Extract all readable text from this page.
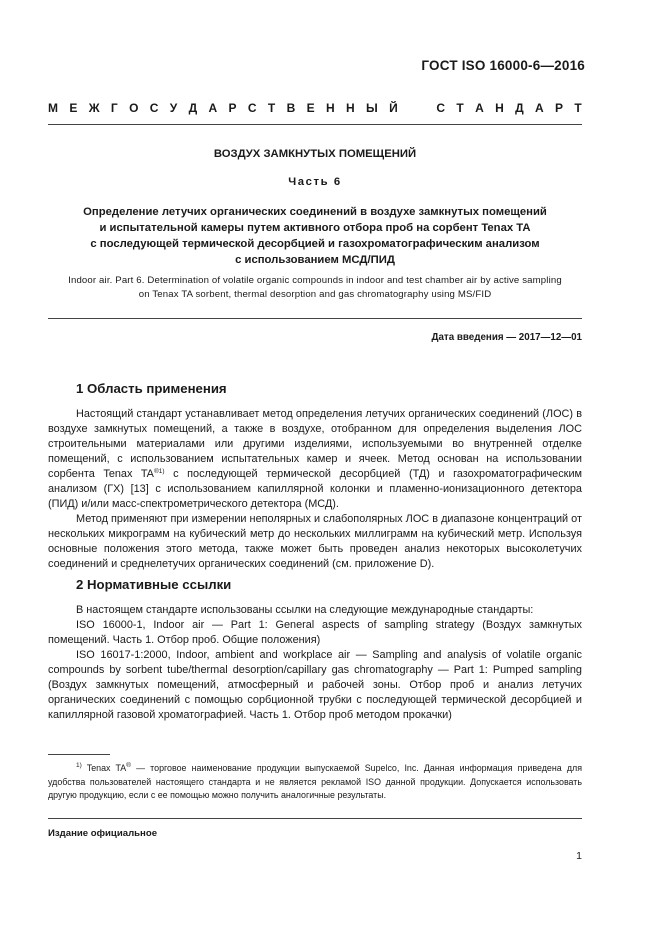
ГОСТ ISO 16000-6—2016
М Е Ж Г О С У Д А Р С Т В Е Н Н Ы Й	С Т А Н Д А Р Т
ВОЗДУХ ЗАМКНУТЫХ ПОМЕЩЕНИЙ
Часть 6
Определение летучих органических соединений в воздухе замкнутых помещений
и испытательной камеры путем активного отбора проб на сорбент Tenax TA
с последующей термической десорбцией и газохроматографическим анализом
с использованием МСД/ПИД
Indoor air. Part 6. Determination of volatile organic compounds in indoor and test chamber air by active sampling
on Tenax TA sorbent, thermal desorption and gas chromatography using MS/FID
Дата введения — 2017—12—01
1 Область применения

Настоящий стандарт устанавливает метод определения летучих органических соединений (ЛОС) в воздухе замкнутых помещений, а также в воздухе, отобранном для определения выделения ЛОС строительными материалами или другими изделиями, используемыми во внутренней отделке помещений, с использованием испытательных камер и ячеек. Метод основан на использовании сорбента Tenax $TA^{®1)}$ с последующей термической десорбцией (ТД) и газохроматографическим анализом (ГХ) [13] с использованием капиллярной колонки и пламенно-ионизационного детектора (ПИД) и/или масс-спектрометрического детектора (МСД).

Метод применяют при измерении неполярных и слабополярных ЛОС в диапазоне концентраций от нескольких микрограмм на кубический метр до нескольких миллиграмм на кубический метр. Используя основные положения этого метода, также может быть проведен анализ некоторых высоколетучих соединений и среднелетучих органических соединений (см. приложение D).

2 Нормативные ссылки

В настоящем стандарте использованы ссылки на следующие международные стандарты:

ISO 16000-1, Indoor air — Part 1: General aspects of sampling strategy (Воздух замкнутых помещений. Часть 1. Отбор проб. Общие положения)

ISO 16017-1:2000, Indoor, ambient and workplace air — Sampling and analysis of volatile organic compounds by sorbent tube/thermal desorption/capillary gas chromatography — Part 1: Pumped sampling (Воздух замкнутых помещений, атмосферный и рабочей зоны. Отбор проб и анализ летучих органических соединений с помощью сорбционной трубки с последующей термической десорбцией и капиллярной газовой хроматографией. Часть 1. Отбор проб методом прокачки)

$^{1)}$ Tenax TA® — торговое наименование продукции выпускаемой Supelco, Inc. Данная информация приведена для удобства пользователей настоящего стандарта и не является рекламой ISO данной продукции. Допускается использовать другую продукцию, если с ее помощью можно получить аналогичные результаты.

Издание официальное
1
